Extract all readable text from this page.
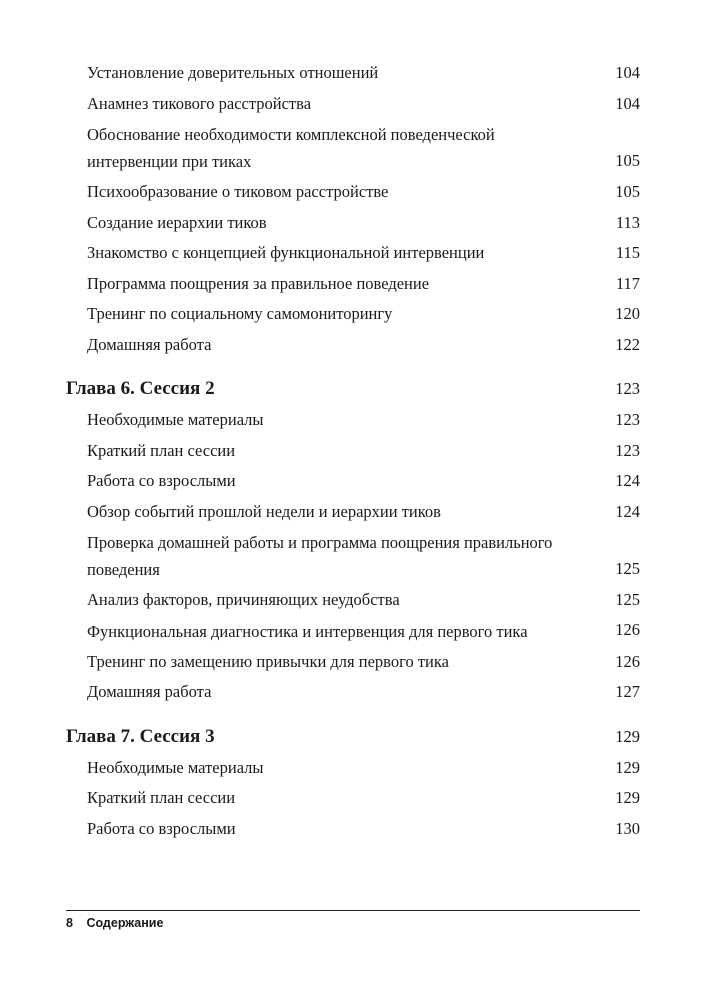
Установление доверительных отношений	104
Анамнез тикового расстройства	104
Обоснование необходимости комплексной поведенческой интервенции при тиках	105
Психообразование о тиковом расстройстве	105
Создание иерархии тиков	113
Знакомство с концепцией функциональной интервенции	115
Программа поощрения за правильное поведение	117
Тренинг по социальному самомониторингу	120
Домашняя работа	122
Глава 6. Сессия 2	123
Необходимые материалы	123
Краткий план сессии	123
Работа со взрослыми	124
Обзор событий прошлой недели и иерархии тиков	124
Проверка домашней работы и программа поощрения правильного поведения	125
Анализ факторов, причиняющих неудобства	125
Функциональная диагностика и интервенция для первого тика	126
Тренинг по замещению привычки для первого тика	126
Домашняя работа	127
Глава 7. Сессия 3	129
Необходимые материалы	129
Краткий план сессии	129
Работа со взрослыми	130
8 Содержание
